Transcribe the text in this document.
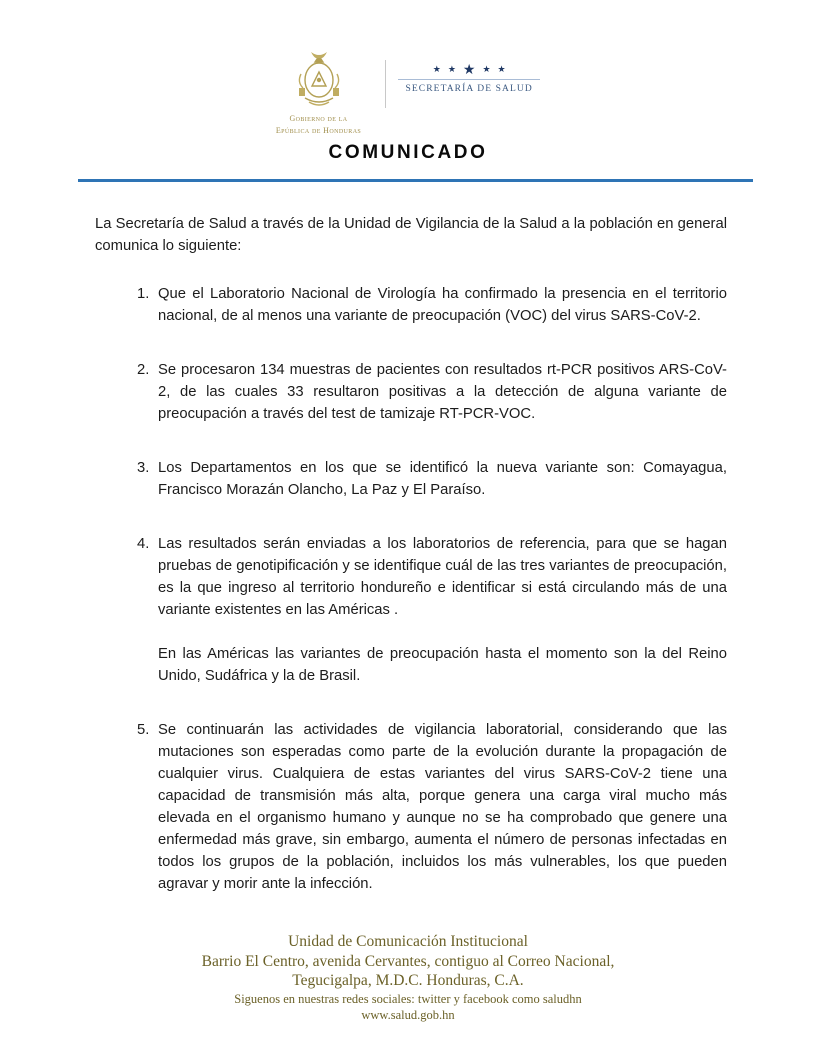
Gobierno de la
Epública de Honduras
★ ★ ★ ★ ★
SECRETARÍA DE SALUD
COMUNICADO
La Secretaría de Salud a través de la Unidad de Vigilancia de la Salud a la población en general comunica lo siguiente:
1. Que el Laboratorio Nacional de Virología ha confirmado la presencia en el territorio nacional, de al menos una variante de preocupación (VOC) del virus SARS-CoV-2.
2. Se procesaron 134 muestras de pacientes con resultados rt-PCR positivos ARS-CoV-2, de las cuales 33 resultaron positivas a la detección de alguna variante de preocupación a través del test de tamizaje RT-PCR-VOC.
3. Los Departamentos en los que se identificó la nueva variante son: Comayagua, Francisco Morazán Olancho, La Paz y El Paraíso.
4. Las resultados serán enviadas a los laboratorios de referencia, para que se hagan pruebas de genotipificación y se identifique cuál de las tres variantes de preocupación, es la que ingreso al territorio hondureño e identificar si está circulando más de una variante existentes en las Américas .
En las Américas las variantes de preocupación hasta el momento son la del Reino Unido, Sudáfrica y la de Brasil.
5. Se continuarán las actividades de vigilancia laboratorial, considerando que las mutaciones son esperadas como parte de la evolución durante la propagación de cualquier virus. Cualquiera de estas variantes del virus SARS-CoV-2 tiene una capacidad de transmisión más alta, porque genera una carga viral mucho más elevada en el organismo humano y aunque no se ha comprobado que genere una enfermedad más grave, sin embargo, aumenta el número de personas infectadas en todos los grupos de la población, incluidos los más vulnerables, los que pueden agravar y morir ante la infección.
Unidad de Comunicación Institucional
Barrio El Centro, avenida Cervantes, contiguo al Correo Nacional,
Tegucigalpa, M.D.C. Honduras, C.A.
Siguenos en nuestras redes sociales: twitter y facebook como saludhn
www.salud.gob.hn
